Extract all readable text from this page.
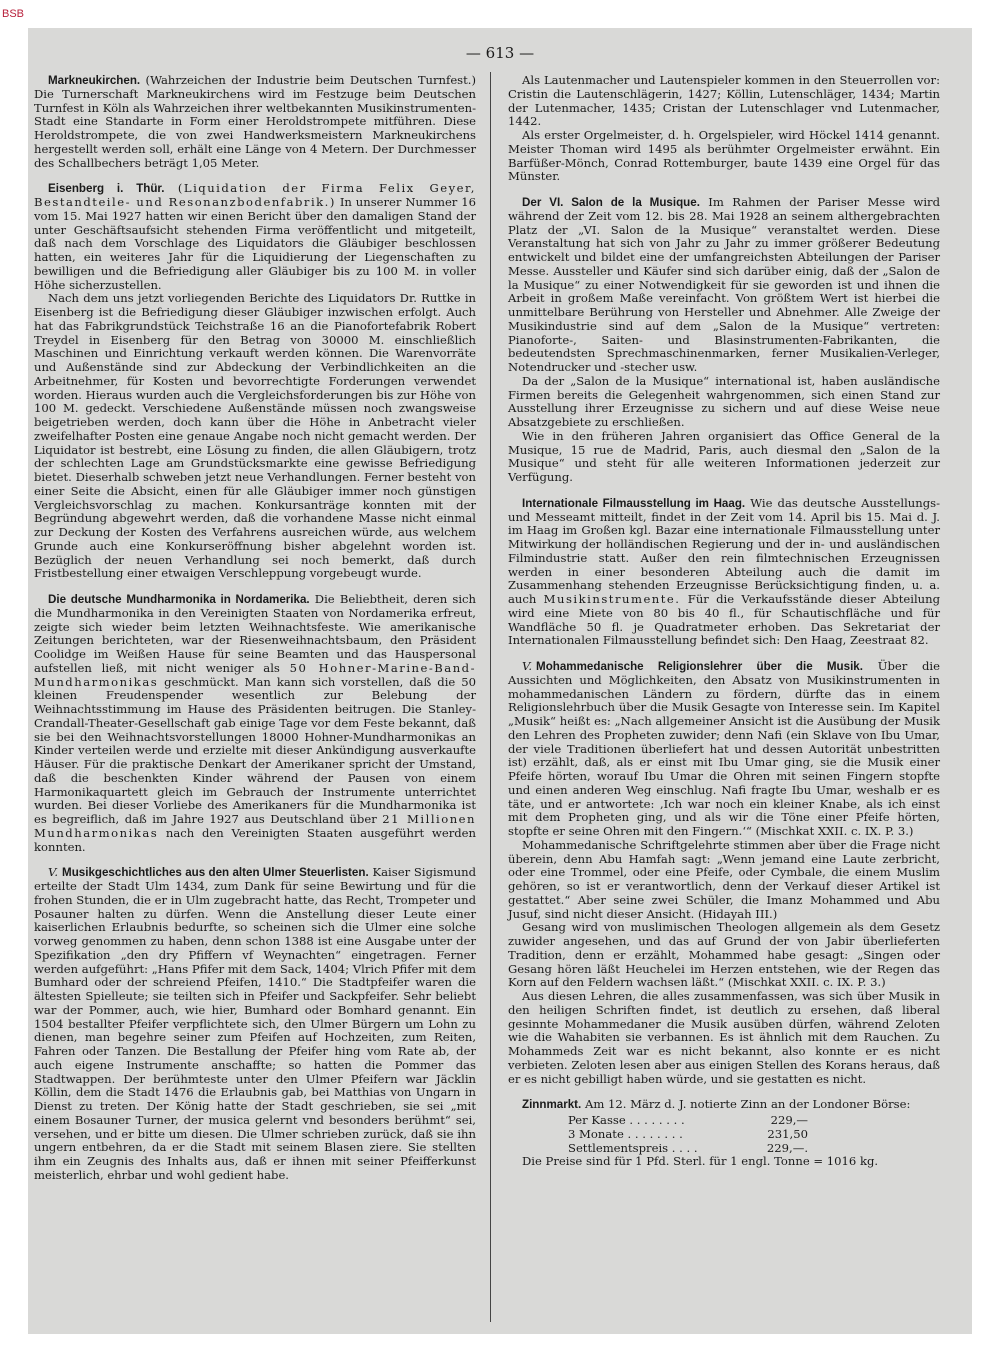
BSB
— 613 —

Markneukirchen. (Wahrzeichen der Industrie beim Deutschen Turnfest.) Die Turnerschaft Markneukirchens wird im Festzuge beim Deutschen Turnfest in Köln als Wahrzeichen ihrer weltbekannten Musikinstrumenten-Stadt eine Standarte in Form einer Heroldstrompete mitführen. Diese Heroldstrompete, die von zwei Handwerksmeistern Markneukirchens hergestellt werden soll, erhält eine Länge von 4 Metern. Der Durchmesser des Schallbechers beträgt 1,05 Meter.

Eisenberg i. Thür. (Liquidation der Firma Felix Geyer, Bestandteile- und Resonanzbodenfabrik.) In unserer Nummer 16 vom 15. Mai 1927 hatten wir einen Bericht über den damaligen Stand der unter Geschäftsaufsicht stehenden Firma veröffentlicht und mitgeteilt, daß nach dem Vorschlage des Liquidators die Gläubiger beschlossen hatten, ein weiteres Jahr für die Liquidierung der Liegenschaften zu bewilligen und die Befriedigung aller Gläubiger bis zu 100 M. in voller Höhe sicherzustellen.

Nach dem uns jetzt vorliegenden Berichte des Liquidators Dr. Ruttke in Eisenberg ist die Befriedigung dieser Gläubiger inzwischen erfolgt. Auch hat das Fabrikgrundstück Teichstraße 16 an die Pianofortefabrik Robert Treydel in Eisenberg für den Betrag von 30000 M. einschließlich Maschinen und Einrichtung verkauft werden können. Die Warenvorräte und Außenstände sind zur Abdeckung der Verbindlichkeiten an die Arbeitnehmer, für Kosten und bevorrechtigte Forderungen verwendet worden. Hieraus wurden auch die Vergleichsforderungen bis zur Höhe von 100 M. gedeckt. Verschiedene Außenstände müssen noch zwangsweise beigetrieben werden, doch kann über die Höhe in Anbetracht vieler zweifelhafter Posten eine genaue Angabe noch nicht gemacht werden. Der Liquidator ist bestrebt, eine Lösung zu finden, die allen Gläubigern, trotz der schlechten Lage am Grundstücksmarkte eine gewisse Befriedigung bietet. Dieserhalb schweben jetzt neue Verhandlungen. Ferner besteht von einer Seite die Absicht, einen für alle Gläubiger immer noch günstigen Vergleichsvorschlag zu machen. Konkursanträge konnten mit der Begründung abgewehrt werden, daß die vorhandene Masse nicht einmal zur Deckung der Kosten des Verfahrens ausreichen würde, aus welchem Grunde auch eine Konkurseröffnung bisher abgelehnt worden ist. Bezüglich der neuen Verhandlung sei noch bemerkt, daß durch Fristbestellung einer etwaigen Verschleppung vorgebeugt wurde.

Die deutsche Mundharmonika in Nordamerika. Die Beliebtheit, deren sich die Mundharmonika in den Vereinigten Staaten von Nordamerika erfreut, zeigte sich wieder beim letzten Weihnachtsfeste. Wie amerikanische Zeitungen berichteten, war der Riesenweihnachtsbaum, den Präsident Coolidge im Weißen Hause für seine Beamten und das Hauspersonal aufstellen ließ, mit nicht weniger als 50 Hohner-Marine-Band-Mundharmonikas geschmückt. Man kann sich vorstellen, daß die 50 kleinen Freudenspender wesentlich zur Belebung der Weihnachtsstimmung im Hause des Präsidenten beitrugen. Die Stanley-Crandall-Theater-Gesellschaft gab einige Tage vor dem Feste bekannt, daß sie bei den Weihnachtsvorstellungen 18000 Hohner-Mundharmonikas an Kinder verteilen werde und erzielte mit dieser Ankündigung ausverkaufte Häuser. Für die praktische Denkart der Amerikaner spricht der Umstand, daß die beschenkten Kinder während der Pausen von einem Harmonikaquartett gleich im Gebrauch der Instrumente unterrichtet wurden. Bei dieser Vorliebe des Amerikaners für die Mundharmonika ist es begreiflich, daß im Jahre 1927 aus Deutschland über 21 Millionen Mundharmonikas nach den Vereinigten Staaten ausgeführt werden konnten.

V. Musikgeschichtliches aus den alten Ulmer Steuerlisten. Kaiser Sigismund erteilte der Stadt Ulm 1434, zum Dank für seine Bewirtung und für die frohen Stunden, die er in Ulm zugebracht hatte, das Recht, Trompeter und Posauner halten zu dürfen. Wenn die Anstellung dieser Leute einer kaiserlichen Erlaubnis bedurfte, so scheinen sich die Ulmer eine solche vorweg genommen zu haben, denn schon 1388 ist eine Ausgabe unter der Spezifikation „den dry Pfiffern vf Weynachten“ eingetragen. Ferner werden aufgeführt: „Hans Pfifer mit dem Sack, 1404; Vlrich Pfifer mit dem Bumhard oder der schreiend Pfeifen, 1410.“ Die Stadtpfeifer waren die ältesten Spielleute; sie teilten sich in Pfeifer und Sackpfeifer. Sehr beliebt war der Pommer, auch, wie hier, Bumhard oder Bomhard genannt. Ein 1504 bestallter Pfeifer verpflichtete sich, den Ulmer Bürgern um Lohn zu dienen, man begehre seiner zum Pfeifen auf Hochzeiten, zum Reiten, Fahren oder Tanzen. Die Bestallung der Pfeifer hing vom Rate ab, der auch eigene Instrumente anschaffte; so hatten die Pommer das Stadtwappen. Der berühmteste unter den Ulmer Pfeifern war Jäcklin Köllin, dem die Stadt 1476 die Erlaubnis gab, bei Matthias von Ungarn in Dienst zu treten. Der König hatte der Stadt geschrieben, sie sei „mit einem Bosauner Turner, der musica gelernt vnd besonders berühmt“ sei, versehen, und er bitte um diesen. Die Ulmer schrieben zurück, daß sie ihn ungern entbehren, da er die Stadt mit seinem Blasen ziere. Sie stellten ihm ein Zeugnis des Inhalts aus, daß er ihnen mit seiner Pfeifferkunst meisterlich, ehrbar und wohl gedient habe.

Als Lautenmacher und Lautenspieler kommen in den Steuerrollen vor: Cristin die Lautenschlägerin, 1427; Köllin, Lutenschläger, 1434; Martin der Lutenmacher, 1435; Cristan der Lutenschlager vnd Lutenmacher, 1442.

Als erster Orgelmeister, d. h. Orgelspieler, wird Höckel 1414 genannt. Meister Thoman wird 1495 als berühmter Orgelmeister erwähnt. Ein Barfüßer-Mönch, Conrad Rottemburger, baute 1439 eine Orgel für das Münster.

Der VI. Salon de la Musique. Im Rahmen der Pariser Messe wird während der Zeit vom 12. bis 28. Mai 1928 an seinem althergebrachten Platz der „VI. Salon de la Musique“ veranstaltet werden. Diese Veranstaltung hat sich von Jahr zu Jahr zu immer größerer Bedeutung entwickelt und bildet eine der umfangreichsten Abteilungen der Pariser Messe. Aussteller und Käufer sind sich darüber einig, daß der „Salon de la Musique“ zu einer Notwendigkeit für sie geworden ist und ihnen die Arbeit in großem Maße vereinfacht. Von größtem Wert ist hierbei die unmittelbare Berührung von Hersteller und Abnehmer. Alle Zweige der Musikindustrie sind auf dem „Salon de la Musique“ vertreten: Pianoforte-, Saiten- und Blasinstrumenten-Fabrikanten, die bedeutendsten Sprechmaschinenmarken, ferner Musikalien-Verleger, Notendrucker und -stecher usw.

Da der „Salon de la Musique“ international ist, haben ausländische Firmen bereits die Gelegenheit wahrgenommen, sich einen Stand zur Ausstellung ihrer Erzeugnisse zu sichern und auf diese Weise neue Absatzgebiete zu erschließen.

Wie in den früheren Jahren organisiert das Office General de la Musique, 15 rue de Madrid, Paris, auch diesmal den „Salon de la Musique“ und steht für alle weiteren Informationen jederzeit zur Verfügung.

Internationale Filmausstellung im Haag. Wie das deutsche Ausstellungs- und Messeamt mitteilt, findet in der Zeit vom 14. April bis 15. Mai d. J. im Haag im Großen kgl. Bazar eine internationale Filmausstellung unter Mitwirkung der holländischen Regierung und der in- und ausländischen Filmindustrie statt. Außer den rein filmtechnischen Erzeugnissen werden in einer besonderen Abteilung auch die damit im Zusammenhang stehenden Erzeugnisse Berücksichtigung finden, u. a. auch Musikinstrumente. Für die Verkaufsstände dieser Abteilung wird eine Miete von 80 bis 40 fl., für Schautischfläche und für Wandfläche 50 fl. je Quadratmeter erhoben. Das Sekretariat der Internationalen Filmausstellung befindet sich: Den Haag, Zeestraat 82.

V. Mohammedanische Religionslehrer über die Musik. Über die Aussichten und Möglichkeiten, den Absatz von Musikinstrumenten in mohammedanischen Ländern zu fördern, dürfte das in einem Religionslehrbuch über die Musik Gesagte von Interesse sein. Im Kapitel „Musik“ heißt es: „Nach allgemeiner Ansicht ist die Ausübung der Musik den Lehren des Propheten zuwider; denn Nafi (ein Sklave von Ibu Umar, der viele Traditionen überliefert hat und dessen Autorität unbestritten ist) erzählt, daß, als er einst mit Ibu Umar ging, sie die Musik einer Pfeife hörten, worauf Ibu Umar die Ohren mit seinen Fingern stopfte und einen anderen Weg einschlug. Nafi fragte Ibu Umar, weshalb er es täte, und er antwortete: ‚Ich war noch ein kleiner Knabe, als ich einst mit dem Propheten ging, und als wir die Töne einer Pfeife hörten, stopfte er seine Ohren mit den Fingern.‘“ (Mischkat XXII. c. IX. P. 3.)

Mohammedanische Schriftgelehrte stimmen aber über die Frage nicht überein, denn Abu Hamfah sagt: „Wenn jemand eine Laute zerbricht, oder eine Trommel, oder eine Pfeife, oder Cymbale, die einem Muslim gehören, so ist er verantwortlich, denn der Verkauf dieser Artikel ist gestattet.“ Aber seine zwei Schüler, die Imanz Mohammed und Abu Jusuf, sind nicht dieser Ansicht. (Hidayah III.)

Gesang wird von muslimischen Theologen allgemein als dem Gesetz zuwider angesehen, und das auf Grund der von Jabir überlieferten Tradition, denn er erzählt, Mohammed habe gesagt: „Singen oder Gesang hören läßt Heuchelei im Herzen entstehen, wie der Regen das Korn auf den Feldern wachsen läßt.“ (Mischkat XXII. c. IX. P. 3.)

Aus diesen Lehren, die alles zusammenfassen, was sich über Musik in den heiligen Schriften findet, ist deutlich zu ersehen, daß liberal gesinnte Mohammedaner die Musik ausüben dürfen, während Zeloten wie die Wahabiten sie verbannen. Es ist ähnlich mit dem Rauchen. Zu Mohammeds Zeit war es nicht bekannt, also konnte er es nicht verbieten. Zeloten lesen aber aus einigen Stellen des Korans heraus, daß er es nicht gebilligt haben würde, und sie gestatten es nicht.

Zinnmarkt. Am 12. März d. J. notierte Zinn an der Londoner Börse:

Per Kasse . . . . . . . .	229,—
3 Monate . . . . . . . .	231,50
Settlementspreis . . . .	229,—.

Die Preise sind für 1 Pfd. Sterl. für 1 engl. Tonne = 1016 kg.
